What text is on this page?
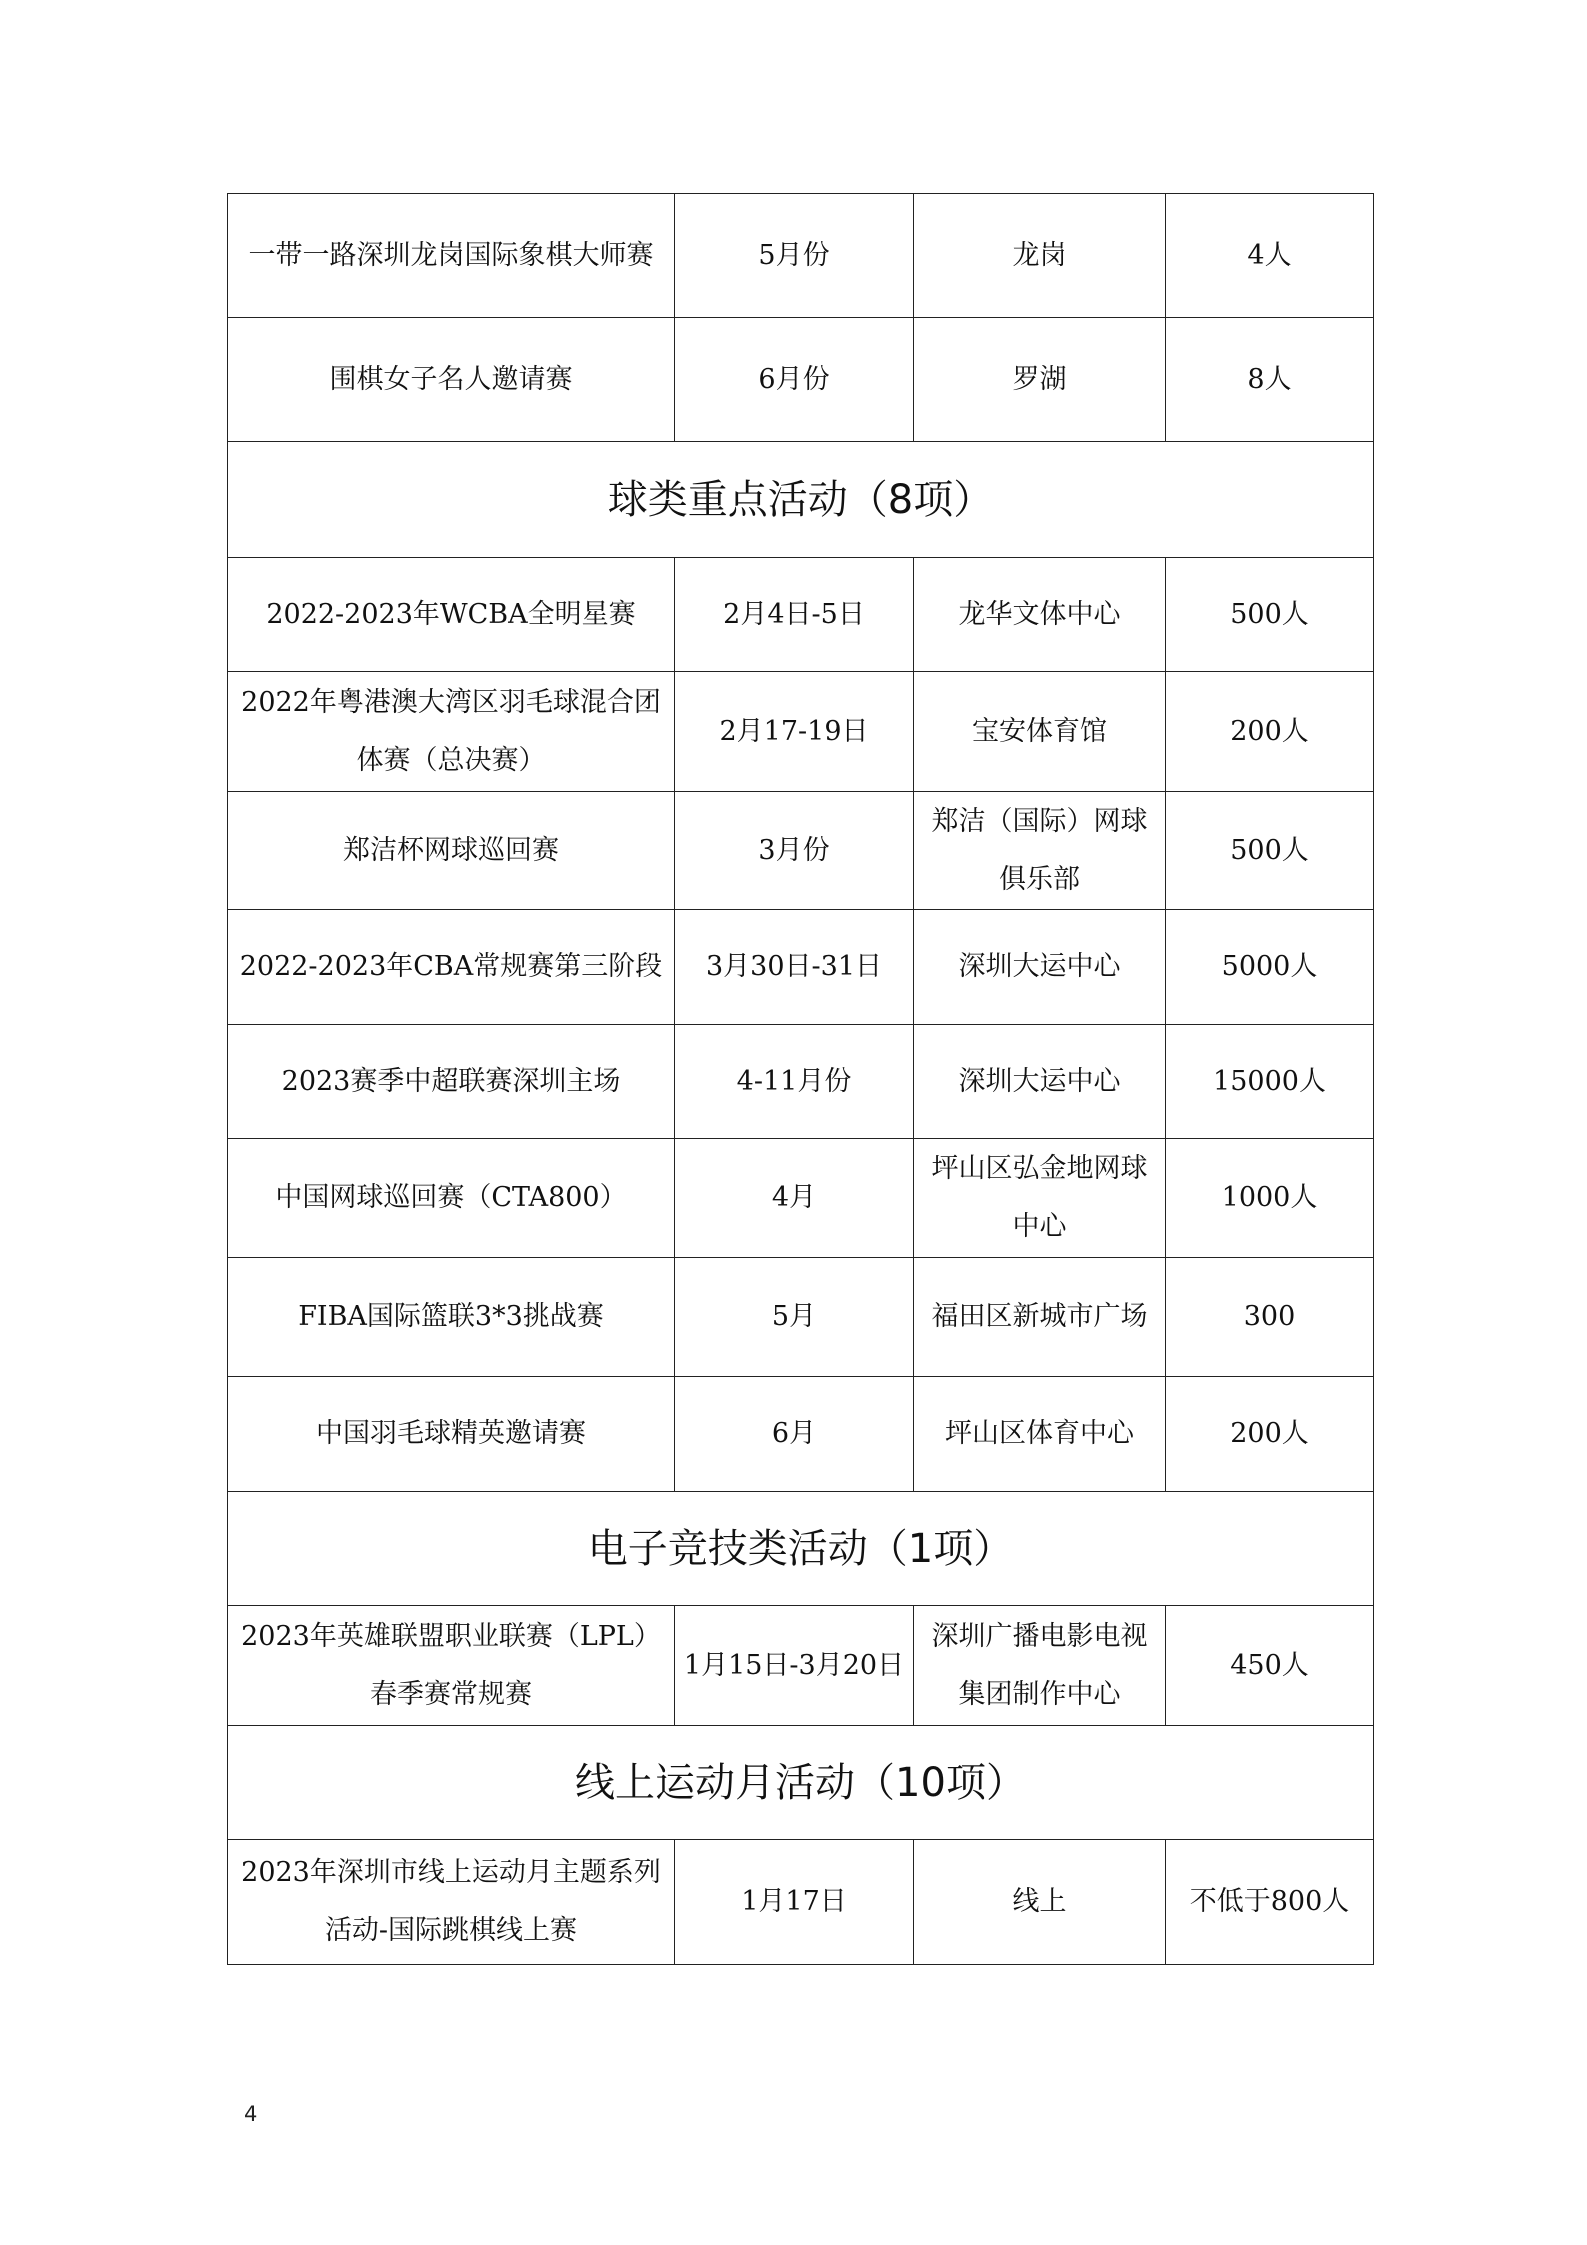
一带一路深圳龙岗国际象棋大师赛	5月份	龙岗	4人
围棋女子名人邀请赛	6月份	罗湖	8人
球类重点活动（8项）			
2022-2023年WCBA全明星赛	2月4日-5日	龙华文体中心	500人
2022年粤港澳大湾区羽毛球混合团体赛（总决赛）	2月17-19日	宝安体育馆	200人
郑洁杯网球巡回赛	3月份	郑洁（国际）网球俱乐部	500人
2022-2023年CBA常规赛第三阶段	3月30日-31日	深圳大运中心	5000人
2023赛季中超联赛深圳主场	4-11月份	深圳大运中心	15000人
中国网球巡回赛（CTA800）	4月	坪山区弘金地网球中心	1000人
FIBA国际篮联3*3挑战赛	5月	福田区新城市广场	300
中国羽毛球精英邀请赛	6月	坪山区体育中心	200人
电子竞技类活动（1项）			
2023年英雄联盟职业联赛（LPL）春季赛常规赛	1月15日-3月20日	深圳广播电影电视集团制作中心	450人
线上运动月活动（10项）			
2023年深圳市线上运动月主题系列活动-国际跳棋线上赛	1月17日	线上	不低于800人
4
